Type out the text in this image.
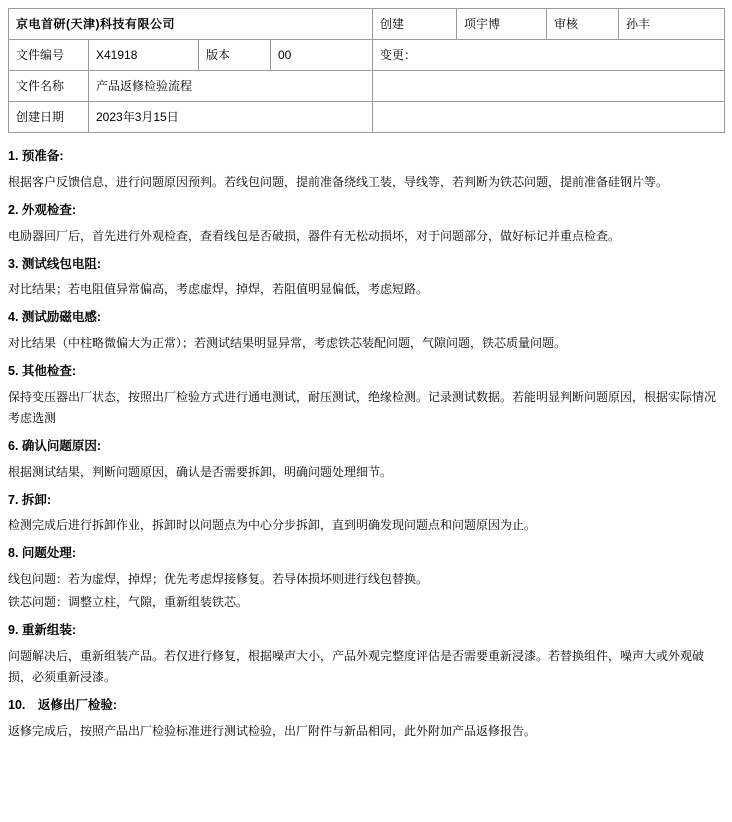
京电首研(天津)科技有限公司				创建	项宇博	审核	孙丰
文件编号	X41918	版本	00	变更：			
文件名称	产品返修检验流程						
创建日期	2023年3月15日						
1. 预准备:
根据客户反馈信息，进行问题原因预判。若线包问题，提前准备绕线工装，导线等，若判断为铁芯问题，提前准备硅钢片等。
2. 外观检查:
电励器回厂后，首先进行外观检查，查看线包是否破损，器件有无松动损坏，对于问题部分，做好标记并重点检查。
3. 测试线包电阻:
对比结果；若电阻值异常偏高，考虑虚焊，掉焊，若阻值明显偏低，考虑短路。
4. 测试励磁电感:
对比结果（中柱略微偏大为正常）；若测试结果明显异常，考虑铁芯装配问题，气隙问题，铁芯质量问题。
5. 其他检查:
保持变压器出厂状态，按照出厂检验方式进行通电测试，耐压测试，绝缘检测。记录测试数据。若能明显判断问题原因，根据实际情况考虑选测
6. 确认问题原因:
根据测试结果，判断问题原因，确认是否需要拆卸，明确问题处理细节。
7. 拆卸:
检测完成后进行拆卸作业，拆卸时以问题点为中心分步拆卸，直到明确发现问题点和问题原因为止。
8. 问题处理:
线包问题：若为虚焊，掉焊；优先考虑焊接修复。若导体损坏则进行线包替换。
铁芯问题：调整立柱，气隙，重新组装铁芯。
9. 重新组装:
问题解决后，重新组装产品。若仅进行修复，根据噪声大小，产品外观完整度评估是否需要重新浸漆。若替换组件，噪声大或外观破损，必须重新浸漆。
10.　返修出厂检验:
返修完成后，按照产品出厂检验标准进行测试检验，出厂附件与新品相同，此外附加产品返修报告。
